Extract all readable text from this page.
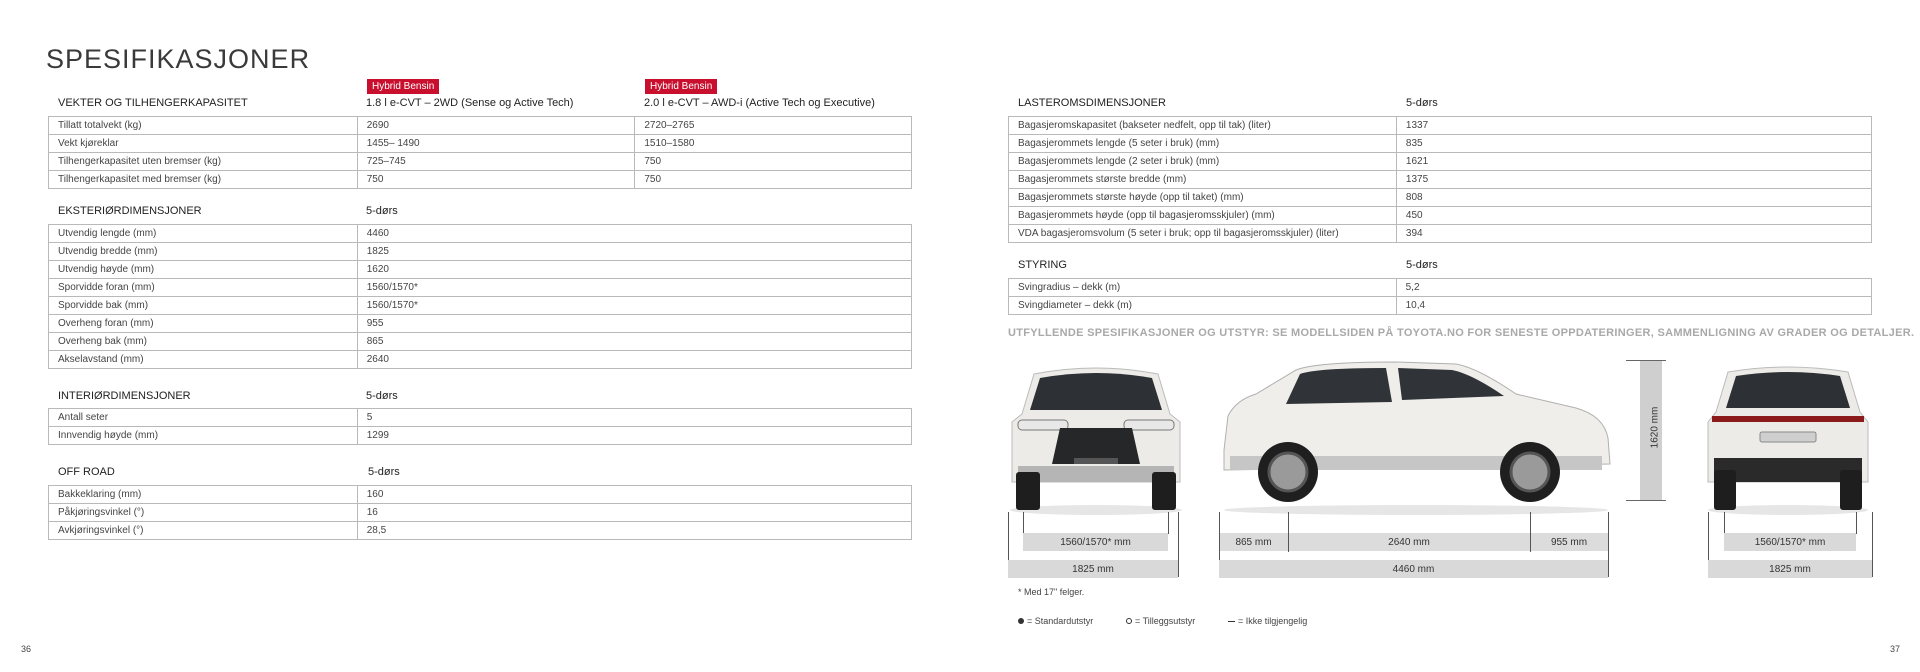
SPESIFIKASJONER
Hybrid Bensin	Hybrid Bensin
VEKTER OG TILHENGERKAPASITET	1.8 l e-CVT – 2WD (Sense og Active Tech)	2.0 l e-CVT – AWD-i (Active Tech og Executive)
Tillatt totalvekt (kg)	2690	2720–2765
Vekt kjøreklar	1455– 1490	1510–1580
Tilhengerkapasitet uten bremser (kg)	725–745	750
Tilhengerkapasitet med bremser (kg)	750	750
EKSTERIØRDIMENSJONER	5-dørs
Utvendig lengde (mm)	4460
Utvendig bredde (mm)	1825
Utvendig høyde (mm)	1620
Sporvidde foran (mm)	1560/1570*
Sporvidde bak (mm)	1560/1570*
Overheng foran (mm)	955
Overheng bak (mm)	865
Akselavstand (mm)	2640
INTERIØRDIMENSJONER	5-dørs
Antall seter	5
Innvendig høyde (mm)	1299
OFF ROAD	5-dørs
Bakkeklaring (mm)	160
Påkjøringsvinkel (°)	16
Avkjøringsvinkel (°)	28,5
LASTEROMSDIMENSJONER	5-dørs
Bagasjeromskapasitet (bakseter nedfelt, opp til tak) (liter)	1337
Bagasjerommets lengde (5 seter i bruk) (mm)	835
Bagasjerommets lengde (2 seter i bruk) (mm)	1621
Bagasjerommets største bredde (mm)	1375
Bagasjerommets største høyde (opp til taket) (mm)	808
Bagasjerommets høyde (opp til bagasjeromsskjuler) (mm)	450
VDA bagasjeromsvolum (5 seter i bruk; opp til bagasjeromsskjuler) (liter)	394
STYRING	5-dørs
Svingradius – dekk (m)	5,2
Svingdiameter – dekk (m)	10,4
UTFYLLENDE SPESIFIKASJONER OG UTSTYR: SE MODELLSIDEN PÅ TOYOTA.NO FOR SENESTE OPPDATERINGER, SAMMENLIGNING AV GRADER OG DETALJER.
1620 mm
1560/1570* mm
1825 mm
865 mm	2640 mm	955 mm
4460 mm
1560/1570* mm
1825 mm
* Med 17" felger.
= Standardutstyr	= Tilleggsutstyr	= Ikke tilgjengelig
36	37
